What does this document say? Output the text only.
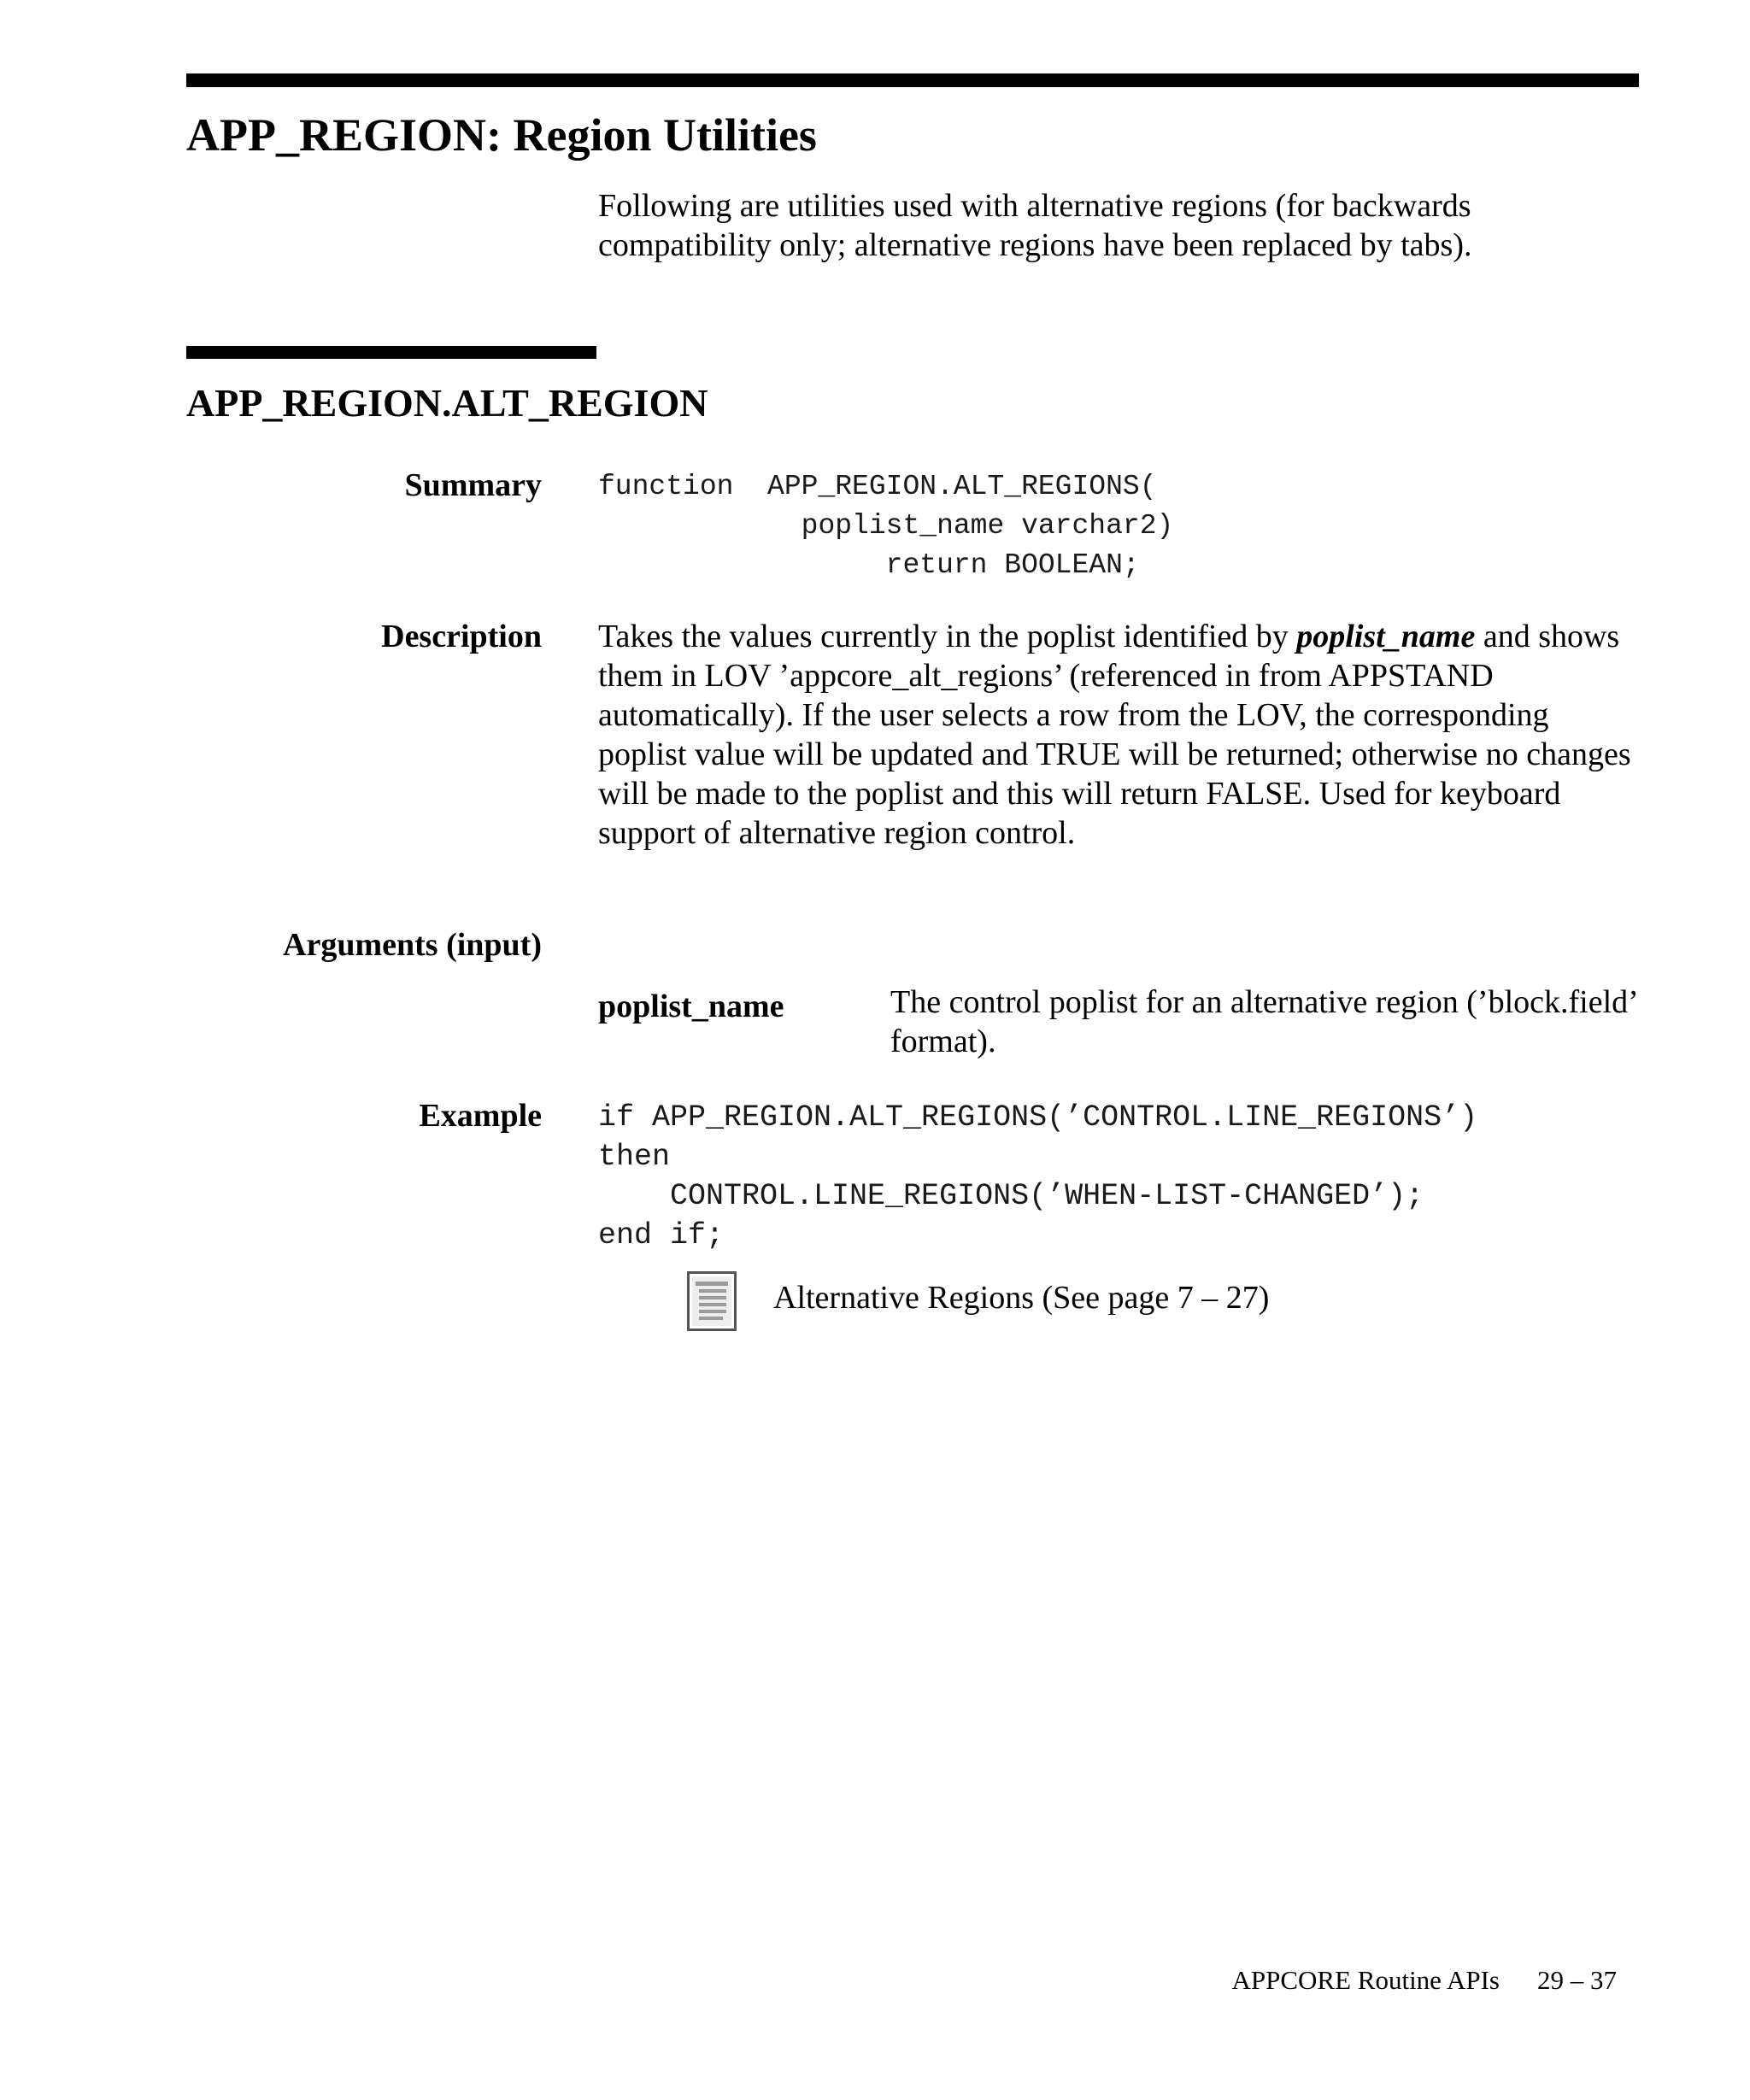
APP_REGION: Region Utilities
Following are utilities used with alternative regions (for backwards compatibility only; alternative regions have been replaced by tabs).
APP_REGION.ALT_REGION
Summary function  APP_REGION.ALT_REGIONS(
poplist_name varchar2)
return BOOLEAN;
Description Takes the values currently in the poplist identified by poplist_name and shows them in LOV ’appcore_alt_regions’ (referenced in from APPSTAND automatically). If the user selects a row from the LOV, the corresponding poplist value will be updated and TRUE will be returned; otherwise no changes will be made to the poplist and this will return FALSE. Used for keyboard support of alternative region control.
Arguments (input)
poplist_name	The control poplist for an alternative region (’block.field’ format).
Example if APP_REGION.ALT_REGIONS(’CONTROL.LINE_REGIONS’)
then
CONTROL.LINE_REGIONS(’WHEN-LIST-CHANGED’);
end if;
Alternative Regions (See page 7 – 27)
APPCORE Routine APIs 29 – 37
